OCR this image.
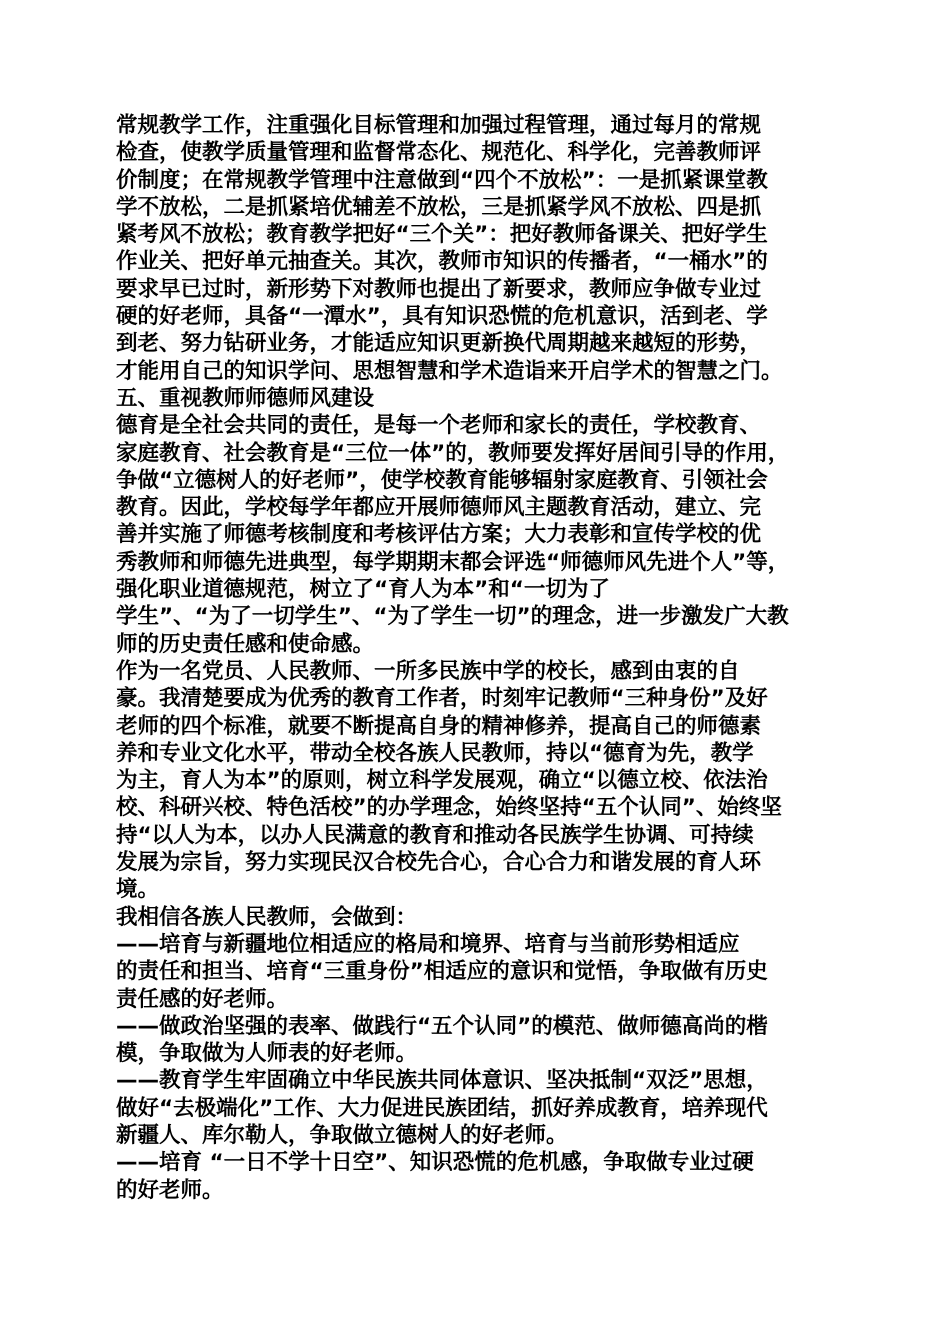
常规教学工作，注重强化目标管理和加强过程管理，通过每月的常规
检查，使教学质量管理和监督常态化、规范化、科学化，完善教师评
价制度；在常规教学管理中注意做到“四个不放松”：一是抓紧课堂教
学不放松，二是抓紧培优辅差不放松，三是抓紧学风不放松、四是抓
紧考风不放松；教育教学把好“三个关”：把好教师备课关、把好学生
作业关、把好单元抽查关。其次，教师市知识的传播者，“一桶水”的
要求早已过时，新形势下对教师也提出了新要求，教师应争做专业过
硬的好老师，具备“一潭水”，具有知识恐慌的危机意识，活到老、学
到老、努力钻研业务，才能适应知识更新换代周期越来越短的形势，
才能用自己的知识学问、思想智慧和学术造诣来开启学术的智慧之门。
五、重视教师师德师风建设
德育是全社会共同的责任，是每一个老师和家长的责任，学校教育、
家庭教育、社会教育是“三位一体”的，教师要发挥好居间引导的作用，
争做“立德树人的好老师”，使学校教育能够辐射家庭教育、引领社会
教育。因此，学校每学年都应开展师德师风主题教育活动，建立、完
善并实施了师德考核制度和考核评估方案；大力表彰和宣传学校的优
秀教师和师德先进典型，每学期期末都会评选“师德师风先进个人”等，
强化职业道德规范，树立了“育人为本”和“一切为了
学生”、“为了一切学生”、“为了学生一切”的理念，进一步激发广大教
师的历史责任感和使命感。
作为一名党员、人民教师、一所多民族中学的校长，感到由衷的自
豪。我清楚要成为优秀的教育工作者，时刻牢记教师“三种身份”及好
老师的四个标准，就要不断提高自身的精神修养，提高自己的师德素
养和专业文化水平，带动全校各族人民教师，持以“德育为先，教学
为主，育人为本”的原则，树立科学发展观，确立“以德立校、依法治
校、科研兴校、特色活校”的办学理念，始终坚持“五个认同”、始终坚
持“以人为本，以办人民满意的教育和推动各民族学生协调、可持续
发展为宗旨，努力实现民汉合校先合心，合心合力和谐发展的育人环
境。
我相信各族人民教师，会做到：
——培育与新疆地位相适应的格局和境界、培育与当前形势相适应
的责任和担当、培育“三重身份”相适应的意识和觉悟，争取做有历史
责任感的好老师。
——做政治坚强的表率、做践行“五个认同”的模范、做师德高尚的楷
模，争取做为人师表的好老师。
——教育学生牢固确立中华民族共同体意识、坚决抵制“双泛”思想，
做好“去极端化”工作、大力促进民族团结，抓好养成教育，培养现代
新疆人、库尔勒人，争取做立德树人的好老师。
——培育 “一日不学十日空”、知识恐慌的危机感，争取做专业过硬
的好老师。
